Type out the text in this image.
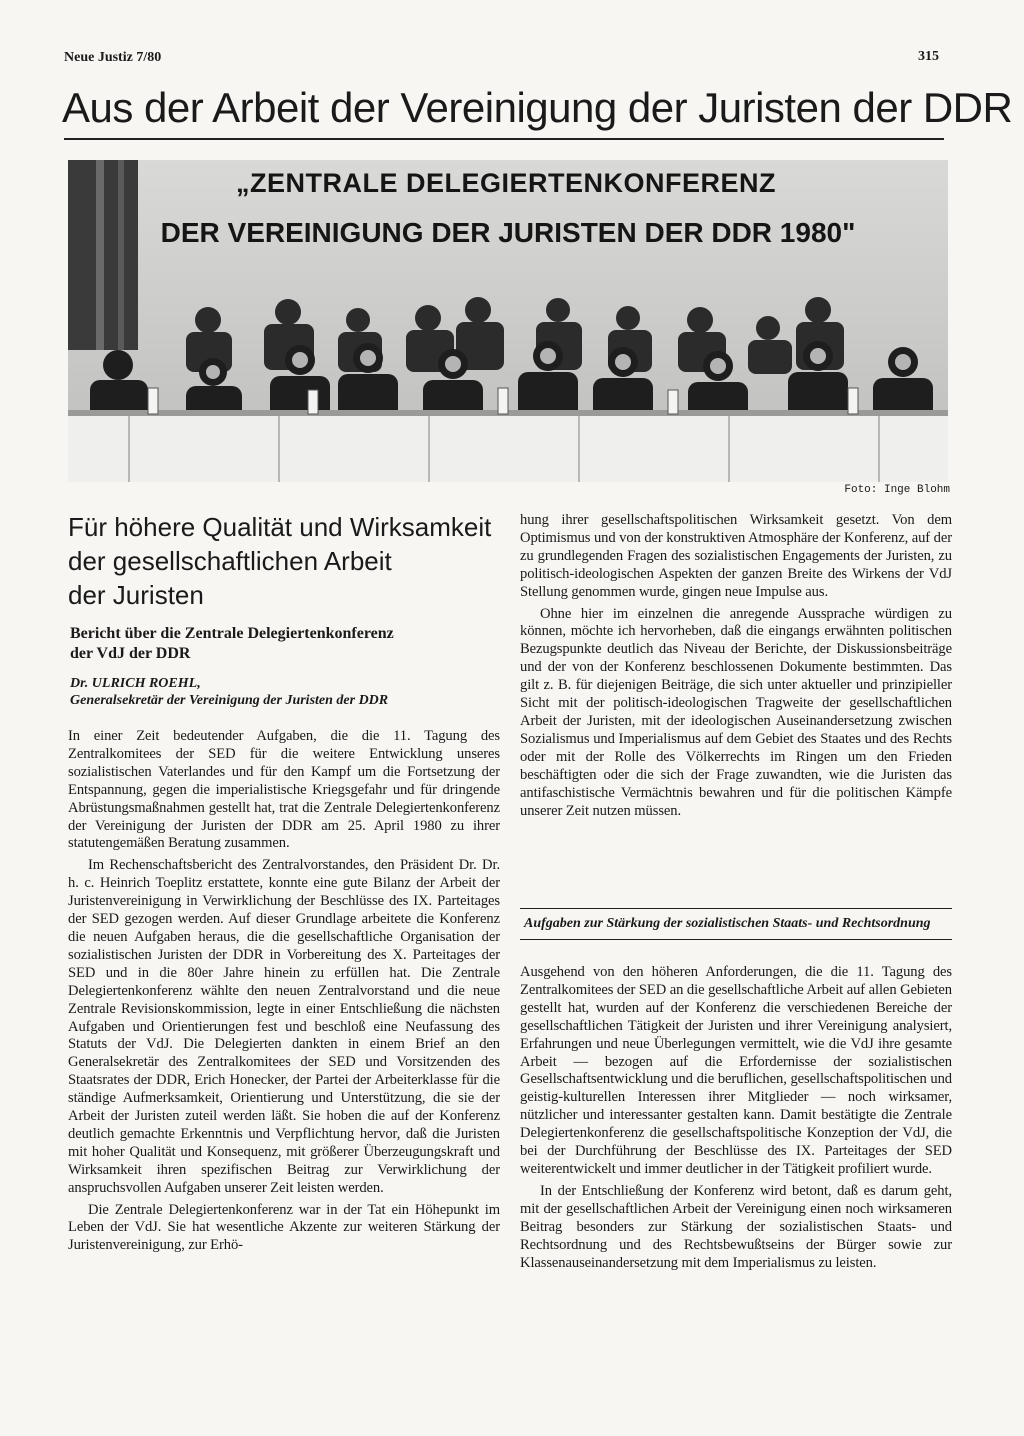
Neue Justiz 7/80	315
Aus der Arbeit der Vereinigung der Juristen der DDR
„ZENTRALE DELEGIERTENKONFERENZ
DER VEREINIGUNG DER JURISTEN DER DDR 1980"
Foto: Inge Blohm
Für höhere Qualität und Wirksamkeit
der gesellschaftlichen Arbeit
der Juristen
Bericht über die Zentrale Delegiertenkonferenz
der VdJ der DDR
Dr. ULRICH ROEHL,
Generalsekretär der Vereinigung der Juristen der DDR

In einer Zeit bedeutender Aufgaben, die die 11. Tagung des Zentralkomitees der SED für die weitere Entwicklung unseres sozialistischen Vaterlandes und für den Kampf um die Fortsetzung der Entspannung, gegen die imperialistische Kriegsgefahr und für dringende Abrüstungsmaßnahmen gestellt hat, trat die Zentrale Delegiertenkonferenz der Vereinigung der Juristen der DDR am 25. April 1980 zu ihrer statutengemäßen Beratung zusammen.

Im Rechenschaftsbericht des Zentralvorstandes, den Präsident Dr. Dr. h. c. Heinrich Toeplitz erstattete, konnte eine gute Bilanz der Arbeit der Juristenvereinigung in Verwirklichung der Beschlüsse des IX. Parteitages der SED gezogen werden. Auf dieser Grundlage arbeitete die Konferenz die neuen Aufgaben heraus, die die gesellschaftliche Organisation der sozialistischen Juristen der DDR in Vorbereitung des X. Parteitages der SED und in die 80er Jahre hinein zu erfüllen hat. Die Zentrale Delegiertenkonferenz wählte den neuen Zentralvorstand und die neue Zentrale Revisionskommission, legte in einer Entschließung die nächsten Aufgaben und Orientierungen fest und beschloß eine Neufassung des Statuts der VdJ. Die Delegierten dankten in einem Brief an den Generalsekretär des Zentralkomitees der SED und Vorsitzenden des Staatsrates der DDR, Erich Honecker, der Partei der Arbeiterklasse für die ständige Aufmerksamkeit, Orientierung und Unterstützung, die sie der Arbeit der Juristen zuteil werden läßt. Sie hoben die auf der Konferenz deutlich gemachte Erkenntnis und Verpflichtung hervor, daß die Juristen mit hoher Qualität und Konsequenz, mit größerer Überzeugungskraft und Wirksamkeit ihren spezifischen Beitrag zur Verwirklichung der anspruchsvollen Aufgaben unserer Zeit leisten werden.

Die Zentrale Delegiertenkonferenz war in der Tat ein Höhepunkt im Leben der VdJ. Sie hat wesentliche Akzente zur weiteren Stärkung der Juristenvereinigung, zur Erhö-

hung ihrer gesellschaftspolitischen Wirksamkeit gesetzt. Von dem Optimismus und von der konstruktiven Atmosphäre der Konferenz, auf der zu grundlegenden Fragen des sozialistischen Engagements der Juristen, zu politisch-ideologischen Aspekten der ganzen Breite des Wirkens der VdJ Stellung genommen wurde, gingen neue Impulse aus.

Ohne hier im einzelnen die anregende Aussprache würdigen zu können, möchte ich hervorheben, daß die eingangs erwähnten politischen Bezugspunkte deutlich das Niveau der Berichte, der Diskussionsbeiträge und der von der Konferenz beschlossenen Dokumente bestimmten. Das gilt z. B. für diejenigen Beiträge, die sich unter aktueller und prinzipieller Sicht mit der politisch-ideologischen Tragweite der gesellschaftlichen Arbeit der Juristen, mit der ideologischen Auseinandersetzung zwischen Sozialismus und Imperialismus auf dem Gebiet des Staates und des Rechts oder mit der Rolle des Völkerrechts im Ringen um den Frieden beschäftigten oder die sich der Frage zuwandten, wie die Juristen das antifaschistische Vermächtnis bewahren und für die politischen Kämpfe unserer Zeit nutzen müssen.

Aufgaben zur Stärkung der sozialistischen Staats- und Rechtsordnung

Ausgehend von den höheren Anforderungen, die die 11. Tagung des Zentralkomitees der SED an die gesellschaftliche Arbeit auf allen Gebieten gestellt hat, wurden auf der Konferenz die verschiedenen Bereiche der gesellschaftlichen Tätigkeit der Juristen und ihrer Vereinigung analysiert, Erfahrungen und neue Überlegungen vermittelt, wie die VdJ ihre gesamte Arbeit — bezogen auf die Erfordernisse der sozialistischen Gesellschaftsentwicklung und die beruflichen, gesellschaftspolitischen und geistig-kulturellen Interessen ihrer Mitglieder — noch wirksamer, nützlicher und interessanter gestalten kann. Damit bestätigte die Zentrale Delegiertenkonferenz die gesellschaftspolitische Konzeption der VdJ, die bei der Durchführung der Beschlüsse des IX. Parteitages der SED weiterentwickelt und immer deutlicher in der Tätigkeit profiliert wurde.

In der Entschließung der Konferenz wird betont, daß es darum geht, mit der gesellschaftlichen Arbeit der Vereinigung einen noch wirksameren Beitrag besonders zur Stärkung der sozialistischen Staats- und Rechtsordnung und des Rechtsbewußtseins der Bürger sowie zur Klassenauseinandersetzung mit dem Imperialismus zu leisten.
